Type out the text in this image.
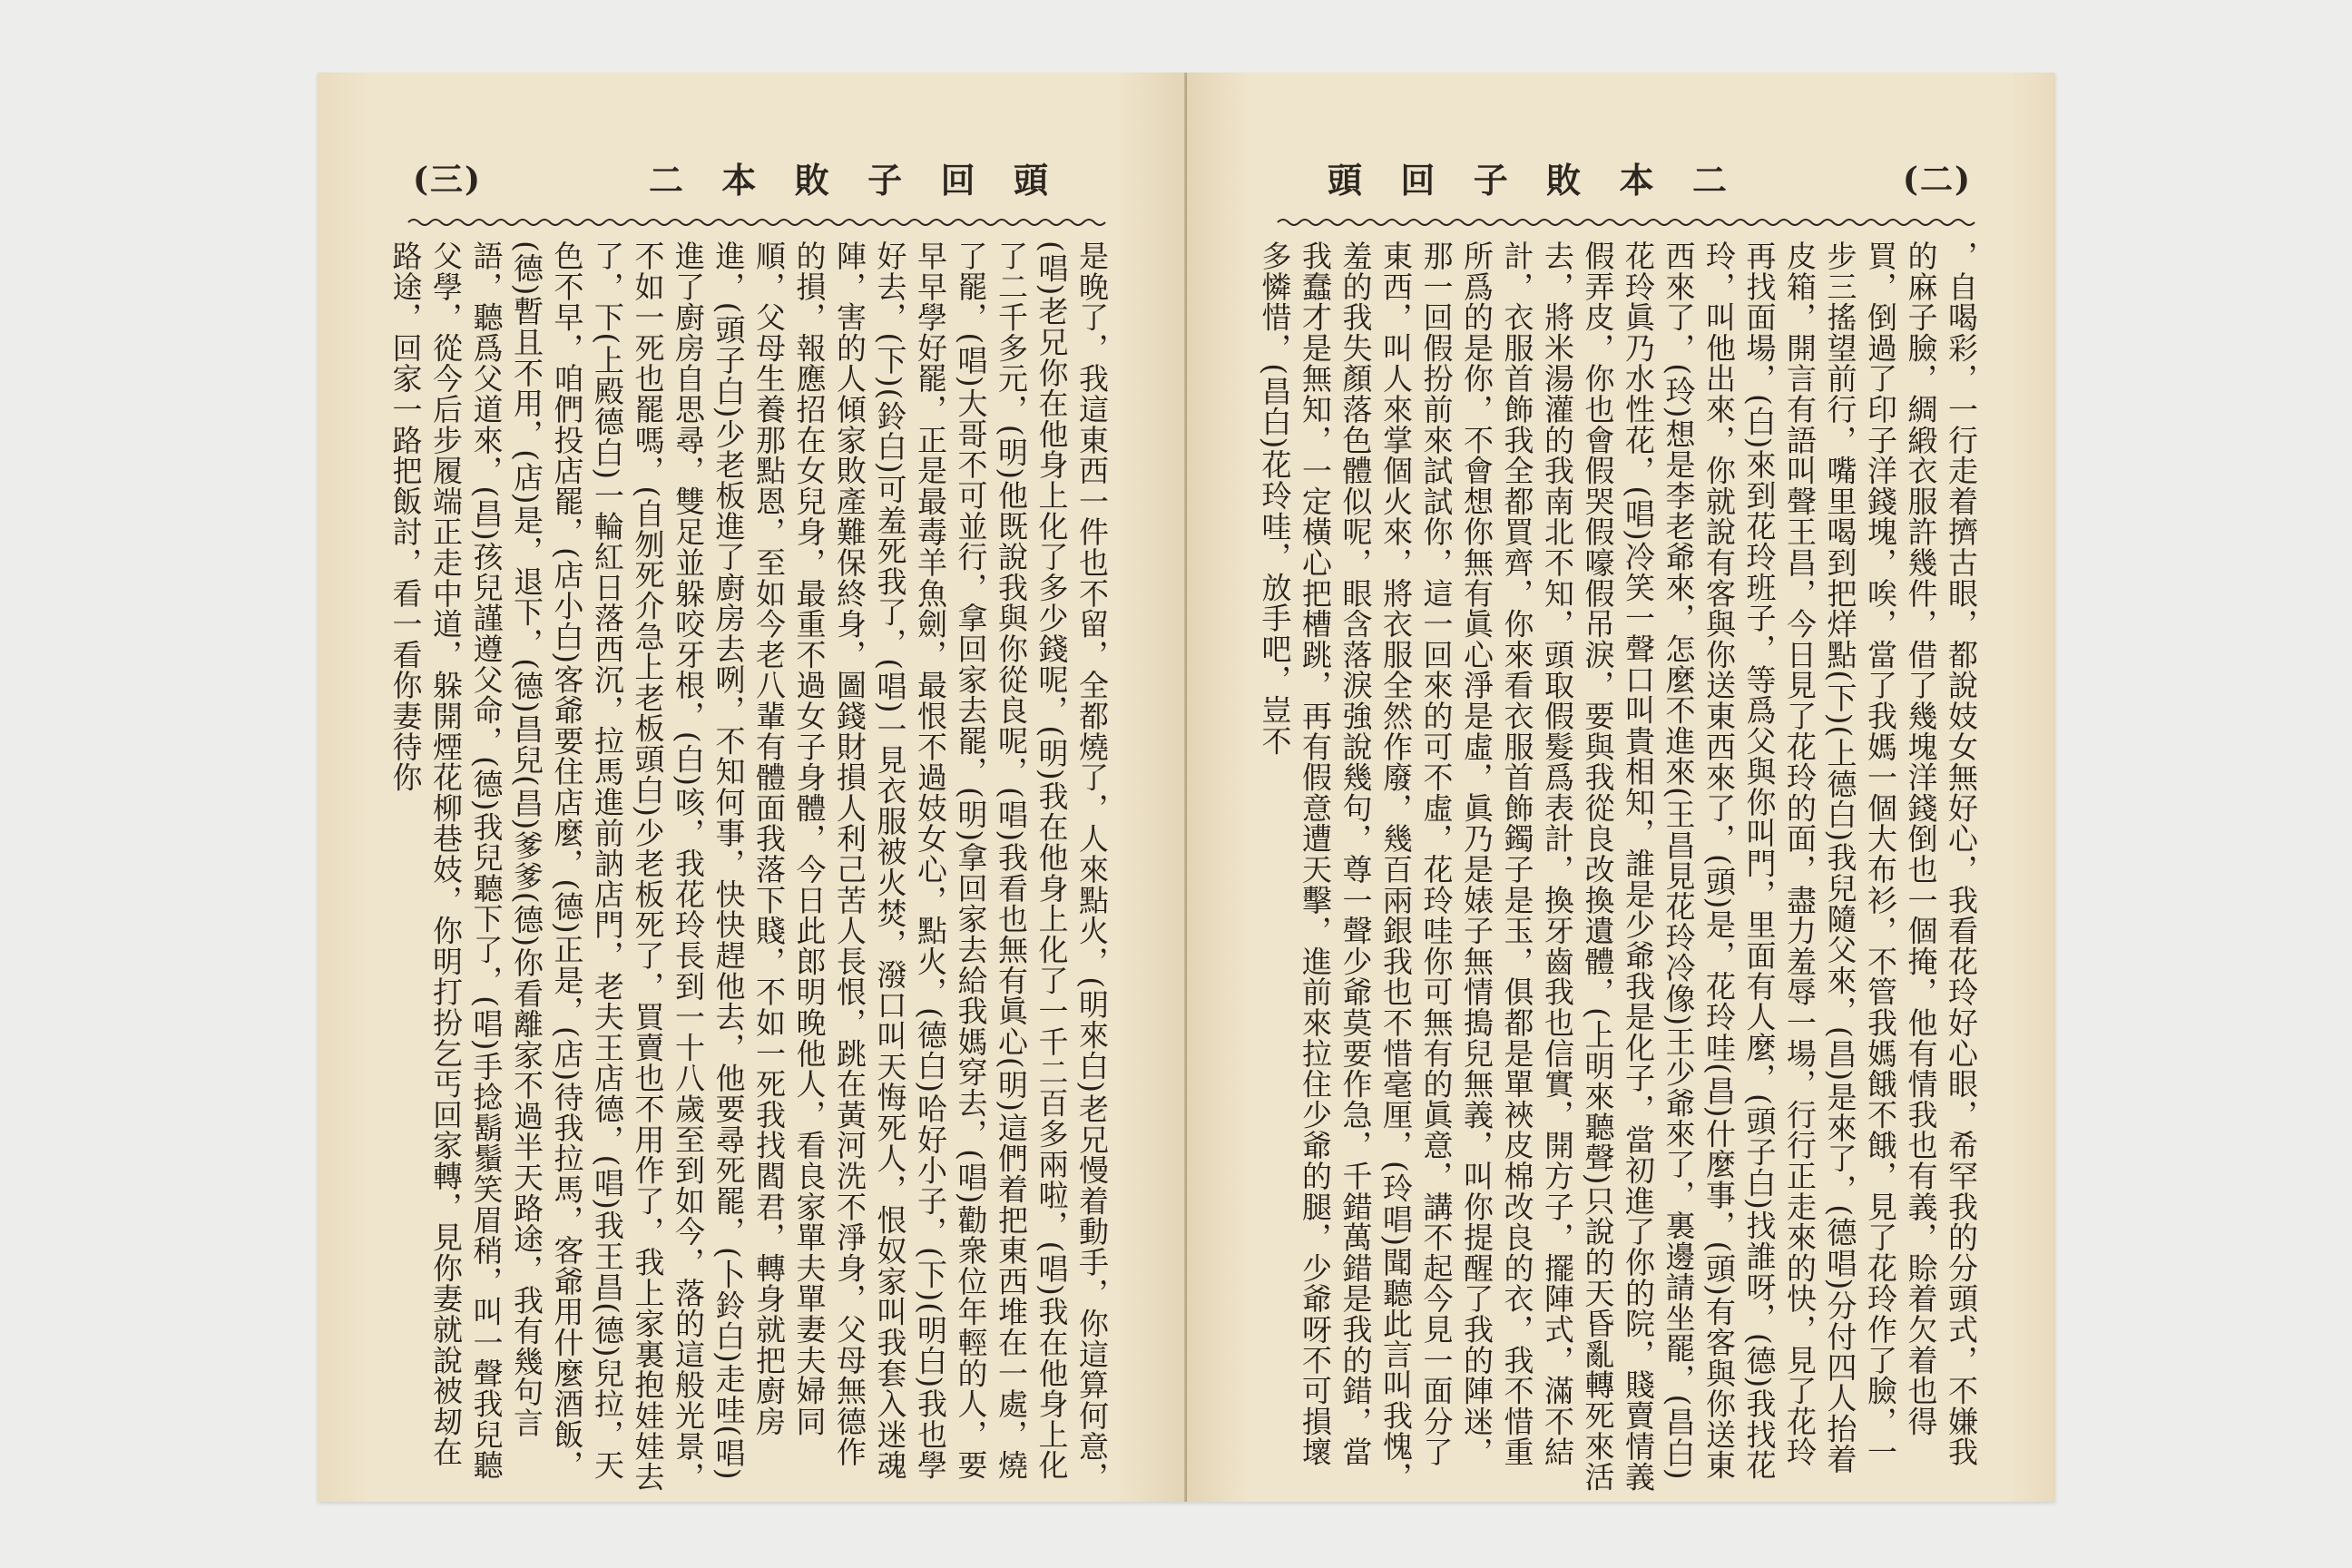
(三)	二 本 敗 子 回 頭

是晚了，我這東西一件也不留，全都燒了，人來點火，(明來白)老兄慢着動手，你這算何意，(唱)老兄你在他身上化了多少錢呢，(明)我在他身上化了一千二百多兩啦，(唱)我在他身上化了二千多元，(明)他既說我與你從良呢，(唱)我看也無有眞心(明)這們着把東西堆在一處，燒了罷，(唱)大哥不可並行，拿回家去罷，(明)拿回家去給我媽穿去，(唱)勸衆位年輕的人，要早早學好罷，正是最毒羊魚劍，最恨不過妓女心，點火，(德白)哈好小子，(下)(明白)我也學好去，(下)(鈴白)可羞死我了，(唱)一見衣服被火焚，潑口叫天悔死人，恨奴家叫我套入迷魂陣，害的人傾家敗產難保終身，圖錢財損人利己苦人長恨，跳在黃河洗不淨身，父母無德作的損，報應招在女兒身，最重不過女子身體，今日此郎明晚他人，看良家單夫單妻夫婦同順，父母生養那點恩，至如今老八輩有體面我落下賤，不如一死我找閻君，轉身就把廚房進，(頭子白)少老板進了廚房去咧，不知何事，快快趕他去，他要尋死罷，(卜鈴白)走哇(唱)進了廚房自思尋，雙足並躲咬牙根，(白)咳，我花玲長到一十八歲至到如今，落的這般光景，不如一死也罷嗎，(自刎死介急上老板頭白)少老板死了，買賣也不用作了，我上家裏抱娃娃去了，下(上殿德白)一輪紅日落西沉，拉馬進前訥店門，老夫王店德，(唱)我王昌(德)兒拉，天色不早，咱們投店罷，(店小白)客爺要住店麼，(德)正是，(店)待我拉馬，客爺用什麼酒飯，(德)暫且不用，(店)是，退下，(德)昌兒(昌)爹爹(德)你看離家不過半天路途，我有幾句言語，聽爲父道來，(昌)孩兒謹遵父命，(德)我兒聽下了，(唱)手捻鬍鬚笑眉稍，叫一聲我兒聽父學，從今后步履端正走中道，躲開煙花柳巷妓，你明打扮乞丐回家轉，見你妻就說被刼在路途，回家一路把飯討，看一看你妻待你

頭 回 子 敗 本 二	(二)

，自喝彩，一行走着擠古眼，都說妓女無好心，我看花玲好心眼，希罕我的分頭式，不嫌我的麻子臉，綢緞衣服許幾件，借了幾塊洋錢倒也一個掩，他有情我也有義，賒着欠着也得買，倒過了印子洋錢塊，唉，當了我媽一個大布衫，不管我媽餓不餓，見了花玲作了臉，一步三搖望前行，嘴里喝到把烊點(下)(上德白)我兒隨父來，(昌)是來了，(德唱)分付四人抬着皮箱，開言有語叫聲王昌，今日見了花玲的面，盡力羞辱一場，行行正走來的快，見了花玲再找面場，(白)來到花玲班子，等爲父與你叫門，里面有人麼，(頭子白)找誰呀，(德)我找花玲，叫他出來，你就說有客與你送東西來了，(頭)是，花玲哇(昌)什麼事，(頭)有客與你送東西來了，(玲)想是李老爺來，怎麼不進來(王昌見花玲冷像)王少爺來了，裏邊請坐罷，(昌白)花玲眞乃水性花，(唱)冷笑一聲口叫貴相知，誰是少爺我是化子，當初進了你的院，賤賣情義假弄皮，你也會假哭假嚎假吊淚，要與我從良改換遺體，(上明來聽聲)只說的天昏亂轉死來活去，將米湯灌的我南北不知，頭取假髮爲表計，換牙齒我也信實，開方子，擺陣式，滿不結計，衣服首飾我全都買齊，你來看衣服首飾鐲子是玉，俱都是單裌皮棉改良的衣，我不惜重所爲的是你，不會想你無有眞心淨是虛，眞乃是婊子無情搗兒無義，叫你提醒了我的陣迷，那一回假扮前來試試你，這一回來的可不虛，花玲哇你可無有的眞意，講不起今見一面分了東西，叫人來掌個火來，將衣服全然作廢，幾百兩銀我也不惜毫厘，(玲唱)聞聽此言叫我愧，羞的我失顏落色體似呢，眼含落淚強說幾句，尊一聲少爺莫要作急，千錯萬錯是我的錯，當我蠢才是無知，一定橫心把槽跳，再有假意遭天擊，進前來拉住少爺的腿，少爺呀不可損壞多憐惜，(昌白)花玲哇，放手吧，豈不
